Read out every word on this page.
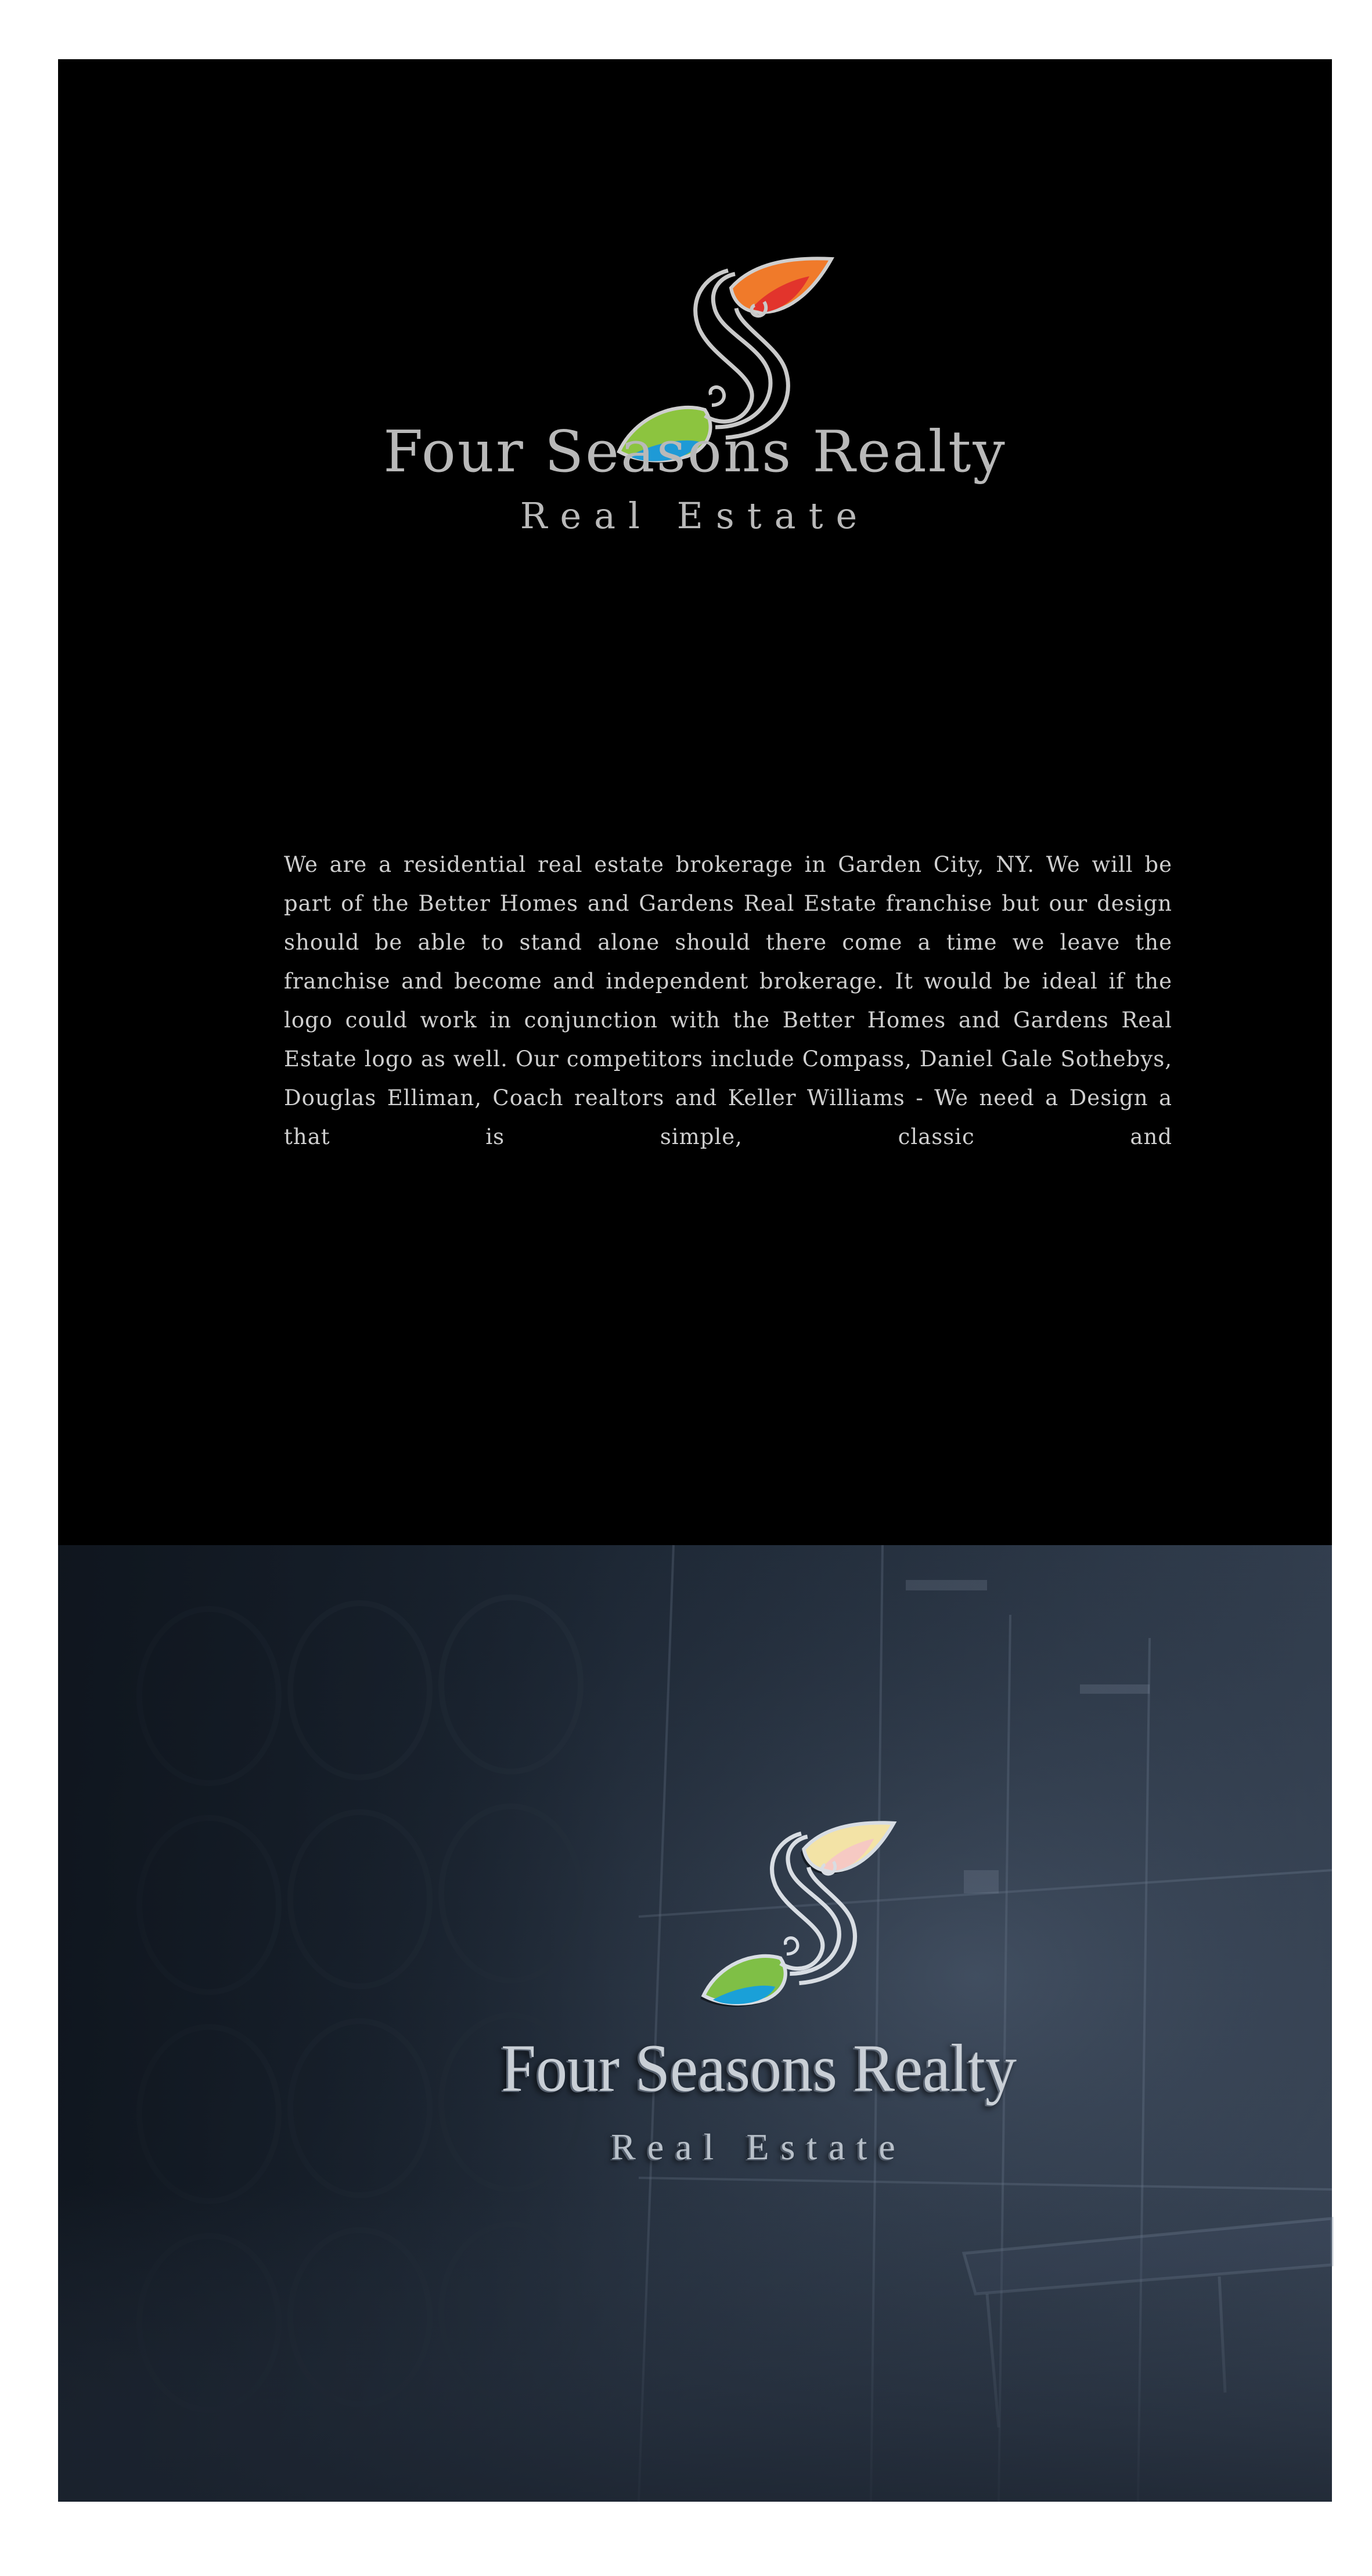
Four Seasons Realty
Real Estate
We are a residential real estate brokerage in Garden City, NY. We will be part of the Better Homes and Gardens Real Estate franchise but our design should be able to stand alone should there come a time we leave the franchise and become and independent brokerage. It would be ideal if the logo could work in conjunction with the Better Homes and Gardens Real Estate logo as well. Our competitors include Compass, Daniel Gale Sothebys, Douglas Elliman, Coach realtors and Keller Williams - We need a Design a that is simple, classic and
Four Seasons Realty
Real Estate
